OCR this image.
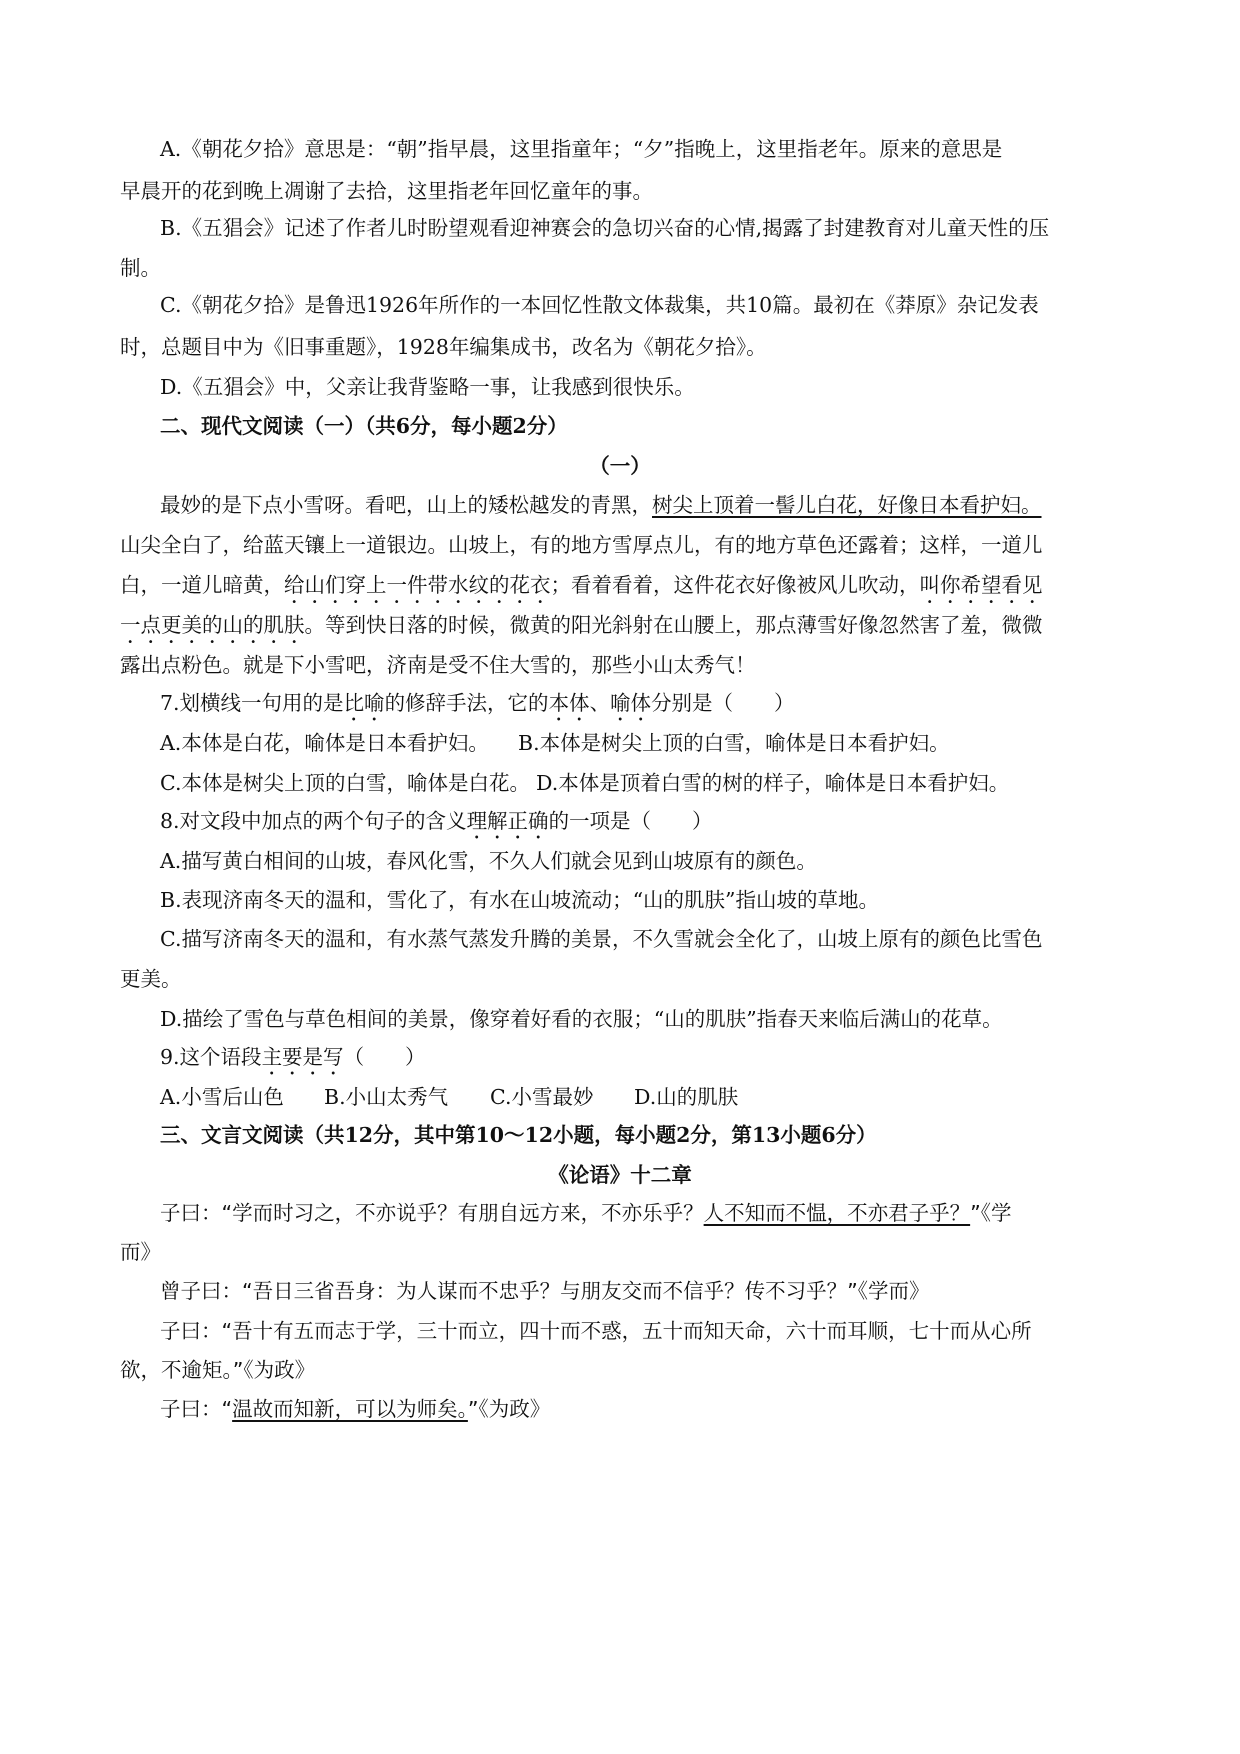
A.《朝花夕拾》意思是：“朝”指早晨，这里指童年；“夕”指晚上，这里指老年。原来的意思是
早晨开的花到晚上凋谢了去拾，这里指老年回忆童年的事。
B.《五猖会》记述了作者儿时盼望观看迎神赛会的急切兴奋的心情,揭露了封建教育对儿童天性的压
制。
C.《朝花夕拾》是鲁迅1926年所作的一本回忆性散文体裁集，共10篇。最初在《莽原》杂记发表
时，总题目中为《旧事重题》，1928年编集成书，改名为《朝花夕拾》。
D.《五猖会》中，父亲让我背鉴略一事，让我感到很快乐。
二、现代文阅读（一）（共6分，每小题2分）
（一）
最妙的是下点小雪呀。看吧，山上的矮松越发的青黑，树尖上顶着一髻儿白花，好像日本看护妇。
山尖全白了，给蓝天镶上一道银边。山坡上，有的地方雪厚点儿，有的地方草色还露着；这样，一道儿
白，一道儿暗黄，给山们穿上一件带水纹的花衣；看着看着，这件花衣好像被风儿吹动，叫你希望看见
一点更美的山的肌肤。等到快日落的时候，微黄的阳光斜射在山腰上，那点薄雪好像忽然害了羞，微微
露出点粉色。就是下小雪吧，济南是受不住大雪的，那些小山太秀气！
7.划横线一句用的是比喻的修辞手法，它的本体、喻体分别是（　　）
A.本体是白花，喻体是日本看护妇。 B.本体是树尖上顶的白雪，喻体是日本看护妇。
C.本体是树尖上顶的白雪，喻体是白花。 D.本体是顶着白雪的树的样子，喻体是日本看护妇。
8.对文段中加点的两个句子的含义理解正确的一项是（　　）
A.描写黄白相间的山坡，春风化雪，不久人们就会见到山坡原有的颜色。
B.表现济南冬天的温和，雪化了，有水在山坡流动；“山的肌肤”指山坡的草地。
C.描写济南冬天的温和，有水蒸气蒸发升腾的美景，不久雪就会全化了，山坡上原有的颜色比雪色
更美。
D.描绘了雪色与草色相间的美景，像穿着好看的衣服；“山的肌肤”指春天来临后满山的花草。
9.这个语段主要是写（　　）
A.小雪后山色 B.小山太秀气 C.小雪最妙 D.山的肌肤
三、文言文阅读（共12分，其中第10～12小题，每小题2分，第13小题6分）
《论语》十二章
子曰：“学而时习之，不亦说乎？有朋自远方来，不亦乐乎？人不知而不愠，不亦君子乎？”《学
而》
曾子曰：“吾日三省吾身：为人谋而不忠乎？与朋友交而不信乎？传不习乎？”《学而》
子曰：“吾十有五而志于学，三十而立，四十而不惑，五十而知天命，六十而耳顺，七十而从心所
欲，不逾矩。”《为政》
子曰：“温故而知新，可以为师矣。”《为政》
